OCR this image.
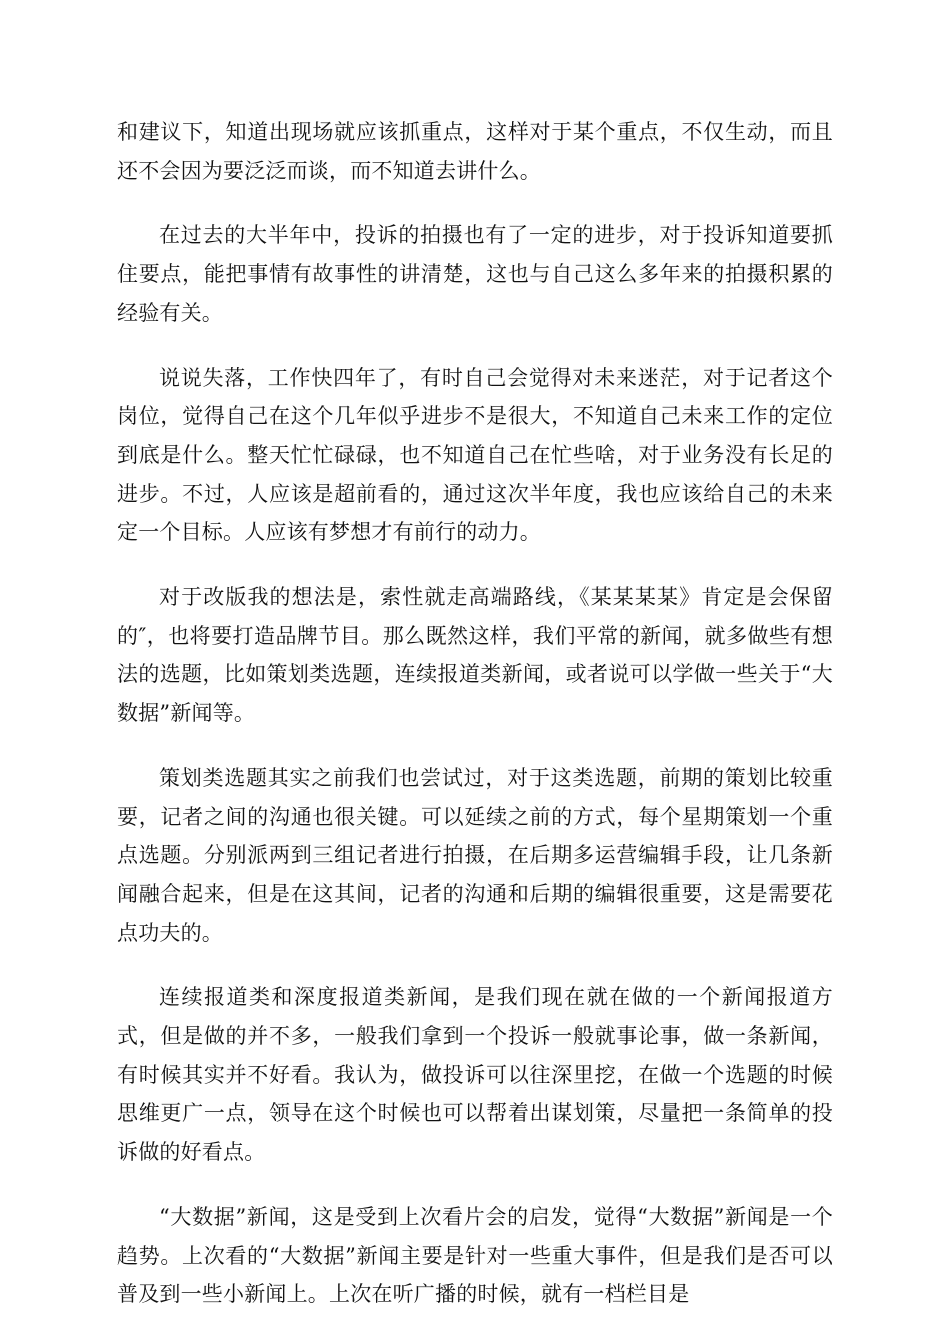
和建议下，知道出现场就应该抓重点，这样对于某个重点，不仅生动，而且还不会因为要泛泛而谈，而不知道去讲什么。

在过去的大半年中，投诉的拍摄也有了一定的进步，对于投诉知道要抓住要点，能把事情有故事性的讲清楚，这也与自己这么多年来的拍摄积累的经验有关。

说说失落，工作快四年了，有时自己会觉得对未来迷茫，对于记者这个岗位，觉得自己在这个几年似乎进步不是很大，不知道自己未来工作的定位到底是什么。整天忙忙碌碌，也不知道自己在忙些啥，对于业务没有长足的进步。不过，人应该是超前看的，通过这次半年度，我也应该给自己的未来定一个目标。人应该有梦想才有前行的动力。

对于改版我的想法是，索性就走高端路线，《某某某某》肯定是会保留的″，也将要打造品牌节目。那么既然这样，我们平常的新闻，就多做些有想法的选题，比如策划类选题，连续报道类新闻，或者说可以学做一些关于“大数据”新闻等。

策划类选题其实之前我们也尝试过，对于这类选题，前期的策划比较重要，记者之间的沟通也很关键。可以延续之前的方式，每个星期策划一个重点选题。分别派两到三组记者进行拍摄，在后期多运营编辑手段，让几条新闻融合起来，但是在这其间，记者的沟通和后期的编辑很重要，这是需要花点功夫的。

连续报道类和深度报道类新闻，是我们现在就在做的一个新闻报道方式，但是做的并不多，一般我们拿到一个投诉一般就事论事，做一条新闻，有时候其实并不好看。我认为，做投诉可以往深里挖，在做一个选题的时候思维更广一点，领导在这个时候也可以帮着出谋划策，尽量把一条简单的投诉做的好看点。

“大数据”新闻，这是受到上次看片会的启发，觉得“大数据”新闻是一个趋势。上次看的“大数据”新闻主要是针对一些重大事件，但是我们是否可以普及到一些小新闻上。上次在听广播的时候，就有一档栏目是
